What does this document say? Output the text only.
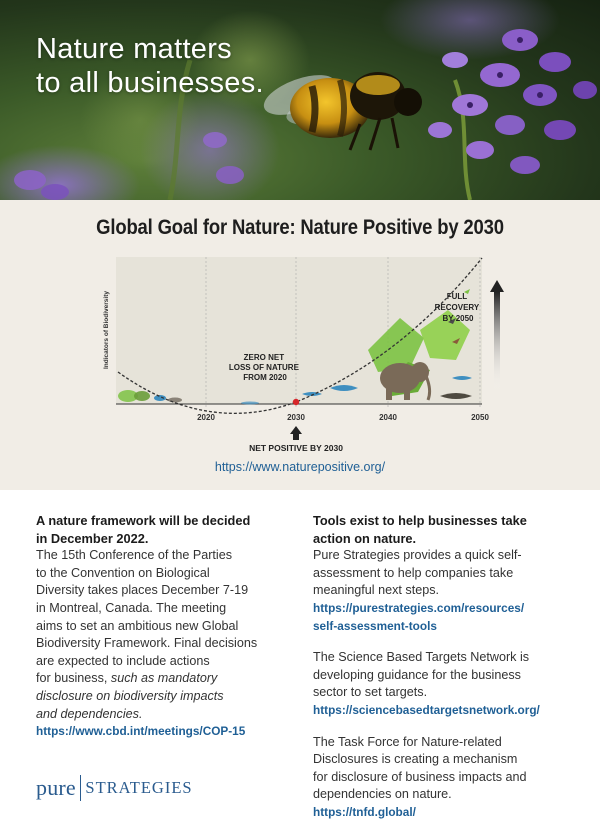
Nature matters
to all businesses.
Global Goal for Nature: Nature Positive by 2030
Indicators of Biodiversity
2020	2030	2040	2050
ZERO NET LOSS OF NATURE FROM 2020
FULL RECOVERY BY 2050
NET POSITIVE BY 2030
https://www.naturepositive.org/
A nature framework will be decided
in December 2022.
The 15th Conference of the Parties
to the Convention on Biological
Diversity takes places December 7-19
in Montreal, Canada. The meeting
aims to set an ambitious new Global
Biodiversity Framework. Final decisions
are expected to include actions
for business, such as mandatory
disclosure on biodiversity impacts
and dependencies.
https://www.cbd.int/meetings/COP-15
Tools exist to help businesses take
action on nature.
Pure Strategies provides a quick self-
assessment to help companies take
meaningful next steps.
https://purestrategies.com/resources/
self-assessment-tools
The Science Based Targets Network is
developing guidance for the business
sector to set targets.
https://sciencebasedtargetsnetwork.org/
The Task Force for Nature-related
Disclosures is creating a mechanism
for disclosure of business impacts and
dependencies on nature.
https://tnfd.global/
pure STRATEGIES
